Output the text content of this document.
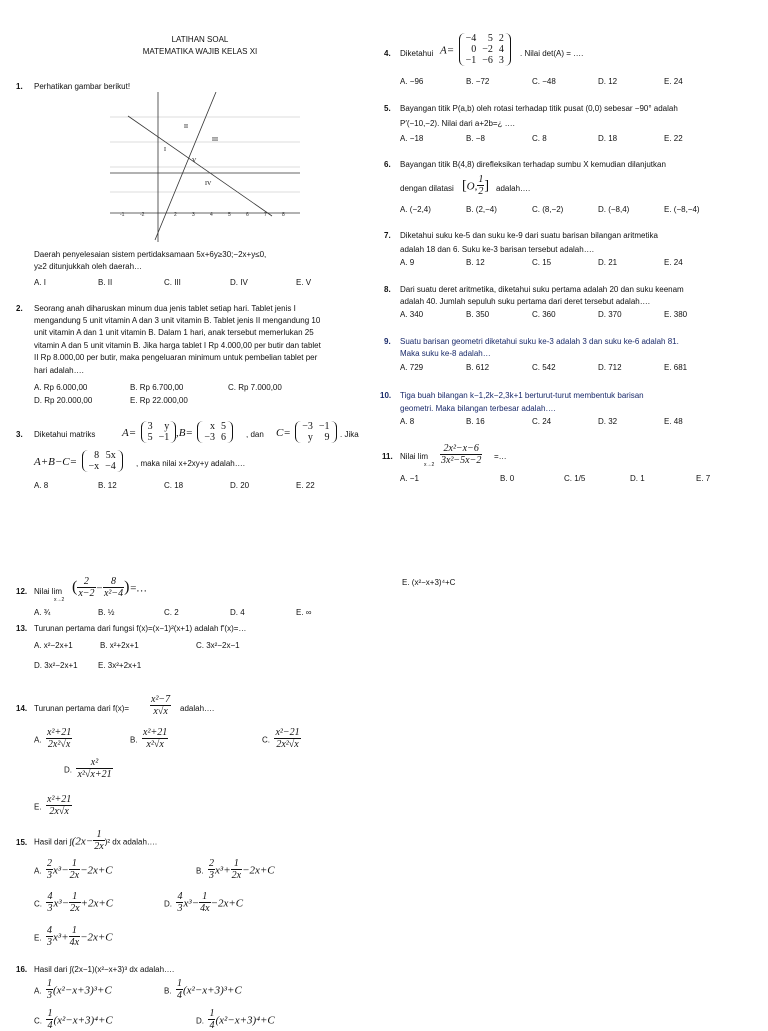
LATIHAN SOAL
MATEMATIKA WAJIB KELAS XI
1. Perhatikan gambar berikut!
-1	-2	2	3	4	5	6	7	8
II
I
III
V
IV
Daerah penyelesaian sistem pertidaksamaan 5x+6y≥30;−2x+y≤0,
y≥2 ditunjukkah oleh daerah…
A. I	B. II	C. III	D. IV	E. V
2. Seorang anah diharuskan minum dua jenis tablet setiap hari. Tablet jenis I
mengandung 5 unit vitamin A dan 3 unit vitamin B. Tablet jenis II mengandung 10
unit vitamin A dan 1 unit vitamin B. Dalam 1 hari, anak tersebut memerlukan 25
vitamin A dan 5 unit vitamin B. Jika harga tablet I Rp 4.000,00 per butir dan tablet
II Rp 8.000,00 per butir, maka pengeluaran minimum untuk pembelian tablet per
hari adalah….
A. Rp 6.000,00	B. Rp 6.700,00	C. Rp 7.000,00
D. Rp 20.000,00	E. Rp 22.000,00
3. Diketahui matriks A=
3	y
5	−1 ,B=
x	5
−3	6	, dan C=
−3	−1
y	9 . Jika
A+B−C=
8	5x
−x	−4	, maka nilai x+2xy+y adalah….
A. 8	B. 12	C. 18	D. 20	E. 22
4. Diketahui A=
−4	5	2
0	−2	4
−1	−6	3
. Nilai det(A) = ….
A. −96	B. −72	C. −48	D. 12	E. 24
5. Bayangan titik P(a,b) oleh rotasi terhadap titik pusat (0,0) sebesar −90° adalah
P′(−10,−2). Nilai dari a+2b=¿ ….
A. −18	B. −8	C. 8	D. 18	E. 22
6. Bayangan titik B(4,8) direfleksikan terhadap sumbu X kemudian dilanjutkan
dengan dilatasi [O, $\frac{1}{2}$ ] adalah….
A. (−2,4)	B. (2,−4)	C. (8,−2)	D. (−8,4)	E. (−8,−4)
7. Diketahui suku ke-5 dan suku ke-9 dari suatu barisan bilangan aritmetika
adalah 18 dan 6. Suku ke-3 barisan tersebut adalah….
A. 9	B. 12	C. 15	D. 21	E. 24
8. Dari suatu deret aritmetika, diketahui suku pertama adalah 20 dan suku keenam
adalah 40. Jumlah sepuluh suku pertama dari deret tersebut adalah….
A. 340	B. 350	C. 360	D. 370	E. 380
9. Suatu barisan geometri diketahui suku ke-3 adalah 3 dan suku ke-6 adalah 81.
Maka suku ke-8 adalah…
A. 729	B. 612	C. 542	D. 712	E. 681
10. Tiga buah bilangan k−1,2k−2,3k+1 berturut-turut membentuk barisan
geometri. Maka bilangan terbesar adalah….
A. 8	B. 16	C. 24	D. 32	E. 48
11. Nilai lim
$x\to 2 \frac{\text{2x²−x−6}}{\text{3x²−5x−2}}$ =…
A. −1	B. 0	C. 1/5	D. 1	E. 7
12. Nilai lim
x→2
( $\frac{2}{x-2} - \frac{8}{\text{x²−4}}$ )=…
A. ¾	B. ½	C. 2	D. 4	E. ∞
E. (x²−x+3)⁴+C
13. Turunan pertama dari fungsi f(x)=(x−1)²(x+1) adalah f′(x)=…
A. x²−2x+1	B. x²+2x+1	C. 3x²−2x−1
D. 3x²−2x+1	E. 3x²+2x+1
14. Turunan pertama dari $f(x)= \frac{\text{x²−7}}{x√x}$ adalah….
A. $\frac{\text{x²+21}}{\text{2x²√x}}$	B. $\frac{\text{x²+21}}{\text{x²√x}}$	C. $\frac{\text{x²−21}}{\text{2x²√x}}$
D. $\frac{\text{x²}}{\text{x²√x+21}}$
E. $\frac{\text{x²+21}}{2x√x}$
15. Hasil dari $\int(2x- \frac{1}{2x} )^2$ dx adalah….
A. $\frac{2}{3} x^3- \frac{1}{2x} -2x+C$	B. $\frac{2}{3} x^3+ \frac{1}{2x} -2x+C$
C. $\frac{4}{3} x^3- \frac{1}{2x} +2x+C$	D. $\frac{4}{3} x^3- \frac{1}{4x} -2x+C$
E. $\frac{4}{3} x^3+ \frac{1}{4x} -2x+C$
16. Hasil dari ∫(2x−1)(x²−x+3)³ dx adalah….
A. $\frac{1}{3} (x^2-x+3)^3+C$	B. $\frac{1}{4} (x^2-x+3)^3+C$
C. $\frac{1}{4} (x^2-x+3)^4+C$	D. $\frac{1}{4} (x^2-x+3)^4+C$
